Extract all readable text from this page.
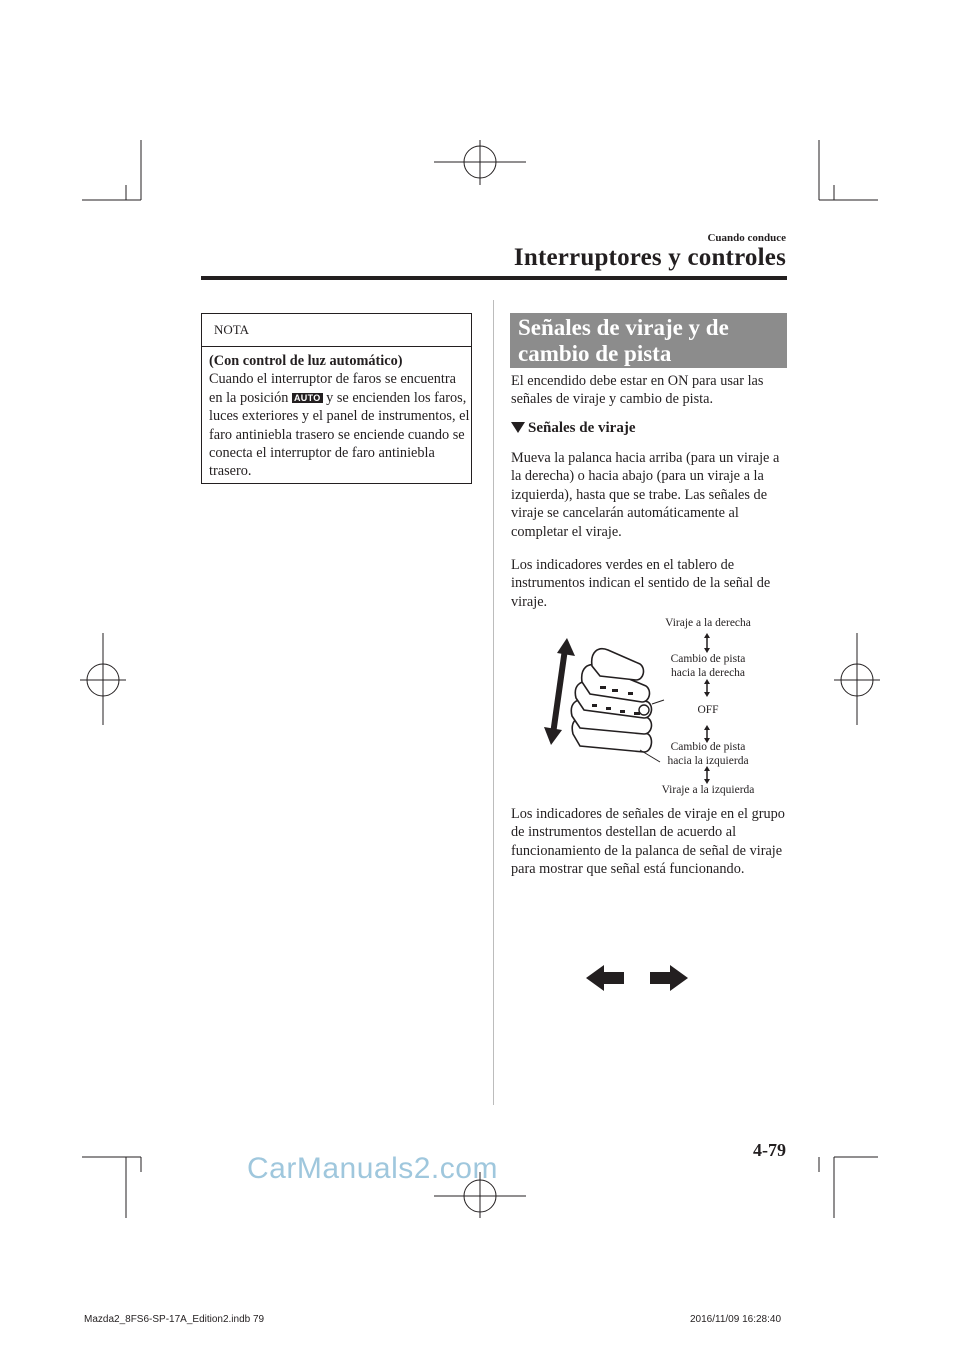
Cuando conduce
Interruptores y controles
NOTA
(Con control de luz automático)
Cuando el interruptor de faros se encuentra en la posición AUTO y se encienden los faros, luces exteriores y el panel de instrumentos, el faro antiniebla trasero se enciende cuando se conecta el interruptor de faro antiniebla trasero.
Señales de viraje y de cambio de pista
El encendido debe estar en ON para usar las señales de viraje y cambio de pista.
Señales de viraje
Mueva la palanca hacia arriba (para un viraje a la derecha) o hacia abajo (para un viraje a la izquierda), hasta que se trabe. Las señales de viraje se cancelarán automáticamente al completar el viraje.
Los indicadores verdes en el tablero de instrumentos indican el sentido de la señal de viraje.
Viraje a la derecha
Cambio de pista
hacia la derecha
OFF
Cambio de pista
hacia la izquierda
Viraje a la izquierda
Los indicadores de señales de viraje en el grupo de instrumentos destellan de acuerdo al funcionamiento de la palanca de señal de viraje para mostrar que señal está funcionando.
4-79
CarManuals2.com
Mazda2_8FS6-SP-17A_Edition2.indb 79	2016/11/09 16:28:40
